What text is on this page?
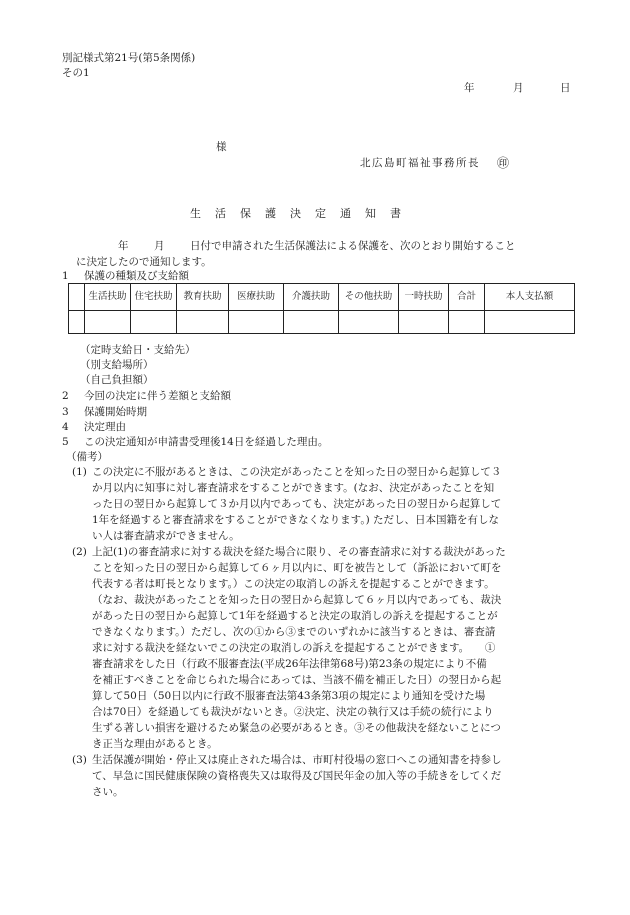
別記様式第21号(第5条関係)
その1
年	月	日
様
北広島町福祉事務所長 ㊞
生活保護決定通知書
年 月 日付で申請された生活保護法による保護を、次のとおり開始すること
に決定したので通知します。
1 保護の種類及び支給額
	生活扶助	住宅扶助	教育扶助	医療扶助	介護扶助	その他扶助	一時扶助	合計	本人支払額

（定時支給日・支給先）
（別支給場所）
（自己負担額）
2 今回の決定に伴う差額と支給額
3 保護開始時期
4 決定理由
5 この決定通知が申請書受理後14日を経過した理由。
（備考）
(1) この決定に不服があるときは、この決定があったことを知った日の翌日から起算して３
か月以内に知事に対し審査請求をすることができます。(なお、決定があったことを知
った日の翌日から起算して３か月以内であっても、決定があった日の翌日から起算して
1年を経過すると審査請求をすることができなくなります。) ただし、日本国籍を有しな
い人は審査請求ができません。
(2) 上記(1)の審査請求に対する裁決を経た場合に限り、その審査請求に対する裁決があった
ことを知った日の翌日から起算して６ヶ月以内に、町を被告として（訴訟において町を
代表する者は町長となります。）この決定の取消しの訴えを提起することができます。
（なお、裁決があったことを知った日の翌日から起算して６ヶ月以内であっても、裁決
があった日の翌日から起算して1年を経過すると決定の取消しの訴えを提起することが
できなくなります。）ただし、次の①から③までのいずれかに該当するときは、審査請
求に対する裁決を経ないでこの決定の取消しの訴えを提起することができます。　　①
審査請求をした日（行政不服審査法(平成26年法律第68号)第23条の規定により不備
を補正すべきことを命じられた場合にあっては、当該不備を補正した日）の翌日から起
算して50日（50日以内に行政不服審査法第43条第3項の規定により通知を受けた場
合は70日）を経過しても裁決がないとき。②決定、決定の執行又は手続の続行により
生ずる著しい損害を避けるため緊急の必要があるとき。③その他裁決を経ないことにつ
き正当な理由があるとき。
(3) 生活保護が開始・停止又は廃止された場合は、市町村役場の窓口へこの通知書を持参し
て、早急に国民健康保険の資格喪失又は取得及び国民年金の加入等の手続きをしてくだ
さい。
